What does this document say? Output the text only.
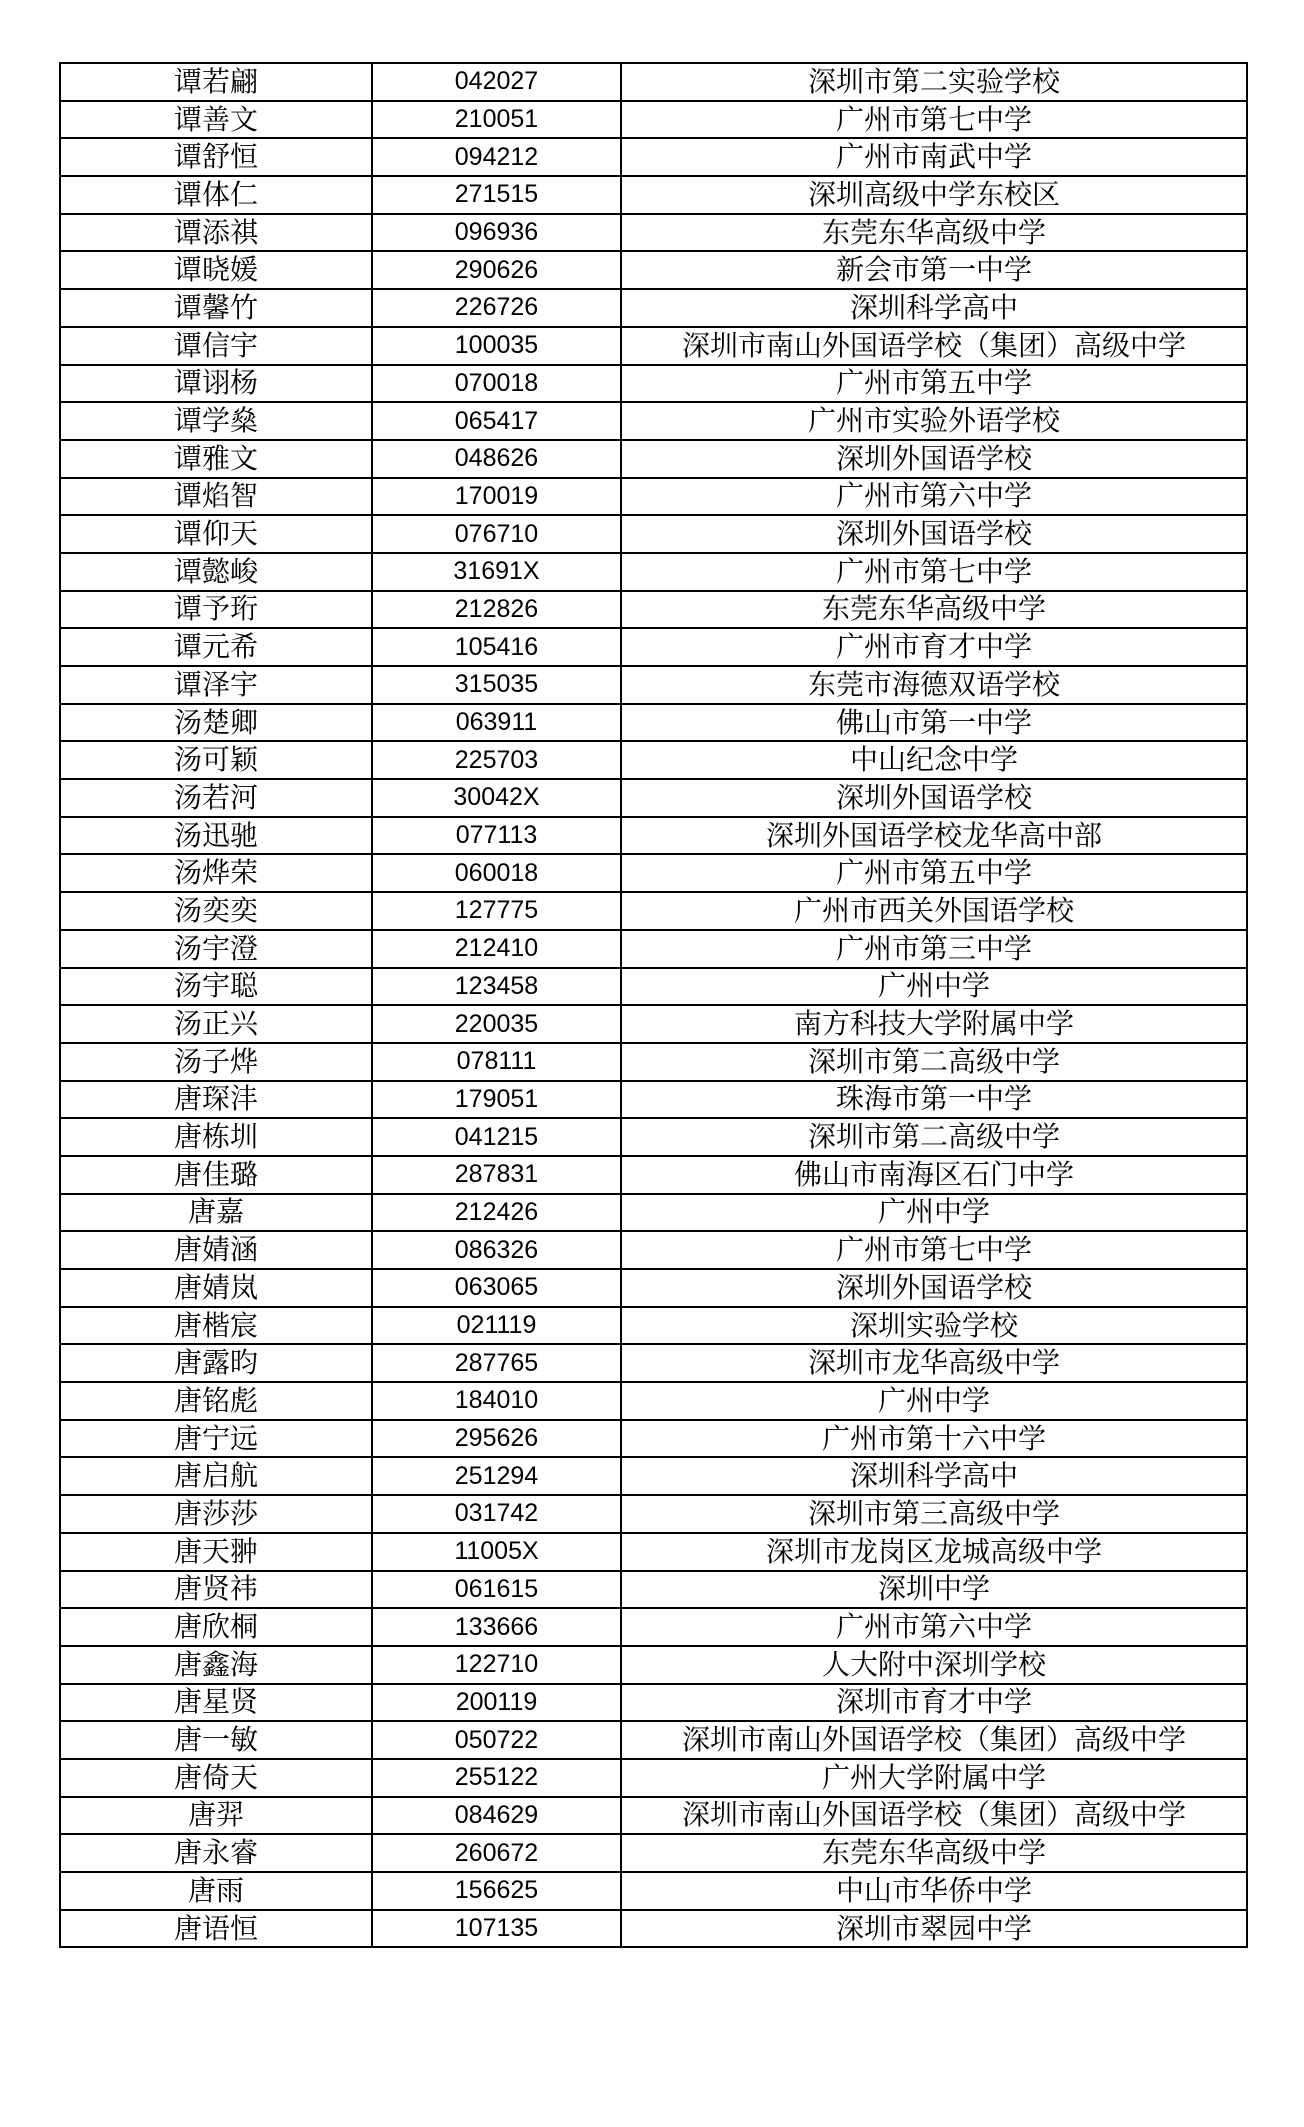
谭若翩	042027	深圳市第二实验学校
谭善文	210051	广州市第七中学
谭舒恒	094212	广州市南武中学
谭体仁	271515	深圳高级中学东校区
谭添祺	096936	东莞东华高级中学
谭晓媛	290626	新会市第一中学
谭馨竹	226726	深圳科学高中
谭信宇	100035	深圳市南山外国语学校（集团）高级中学
谭诩杨	070018	广州市第五中学
谭学燊	065417	广州市实验外语学校
谭雅文	048626	深圳外国语学校
谭焰智	170019	广州市第六中学
谭仰天	076710	深圳外国语学校
谭懿峻	31691X	广州市第七中学
谭予珩	212826	东莞东华高级中学
谭元希	105416	广州市育才中学
谭泽宇	315035	东莞市海德双语学校
汤楚卿	063911	佛山市第一中学
汤可颖	225703	中山纪念中学
汤若河	30042X	深圳外国语学校
汤迅驰	077113	深圳外国语学校龙华高中部
汤烨荣	060018	广州市第五中学
汤奕奕	127775	广州市西关外国语学校
汤宇澄	212410	广州市第三中学
汤宇聪	123458	广州中学
汤正兴	220035	南方科技大学附属中学
汤子烨	078111	深圳市第二高级中学
唐琛沣	179051	珠海市第一中学
唐栋圳	041215	深圳市第二高级中学
唐佳璐	287831	佛山市南海区石门中学
唐嘉	212426	广州中学
唐婧涵	086326	广州市第七中学
唐婧岚	063065	深圳外国语学校
唐楷宸	021119	深圳实验学校
唐露昀	287765	深圳市龙华高级中学
唐铭彪	184010	广州中学
唐宁远	295626	广州市第十六中学
唐启航	251294	深圳科学高中
唐莎莎	031742	深圳市第三高级中学
唐天翀	11005X	深圳市龙岗区龙城高级中学
唐贤祎	061615	深圳中学
唐欣桐	133666	广州市第六中学
唐鑫海	122710	人大附中深圳学校
唐星贤	200119	深圳市育才中学
唐一敏	050722	深圳市南山外国语学校（集团）高级中学
唐倚天	255122	广州大学附属中学
唐羿	084629	深圳市南山外国语学校（集团）高级中学
唐永睿	260672	东莞东华高级中学
唐雨	156625	中山市华侨中学
唐语恒	107135	深圳市翠园中学
